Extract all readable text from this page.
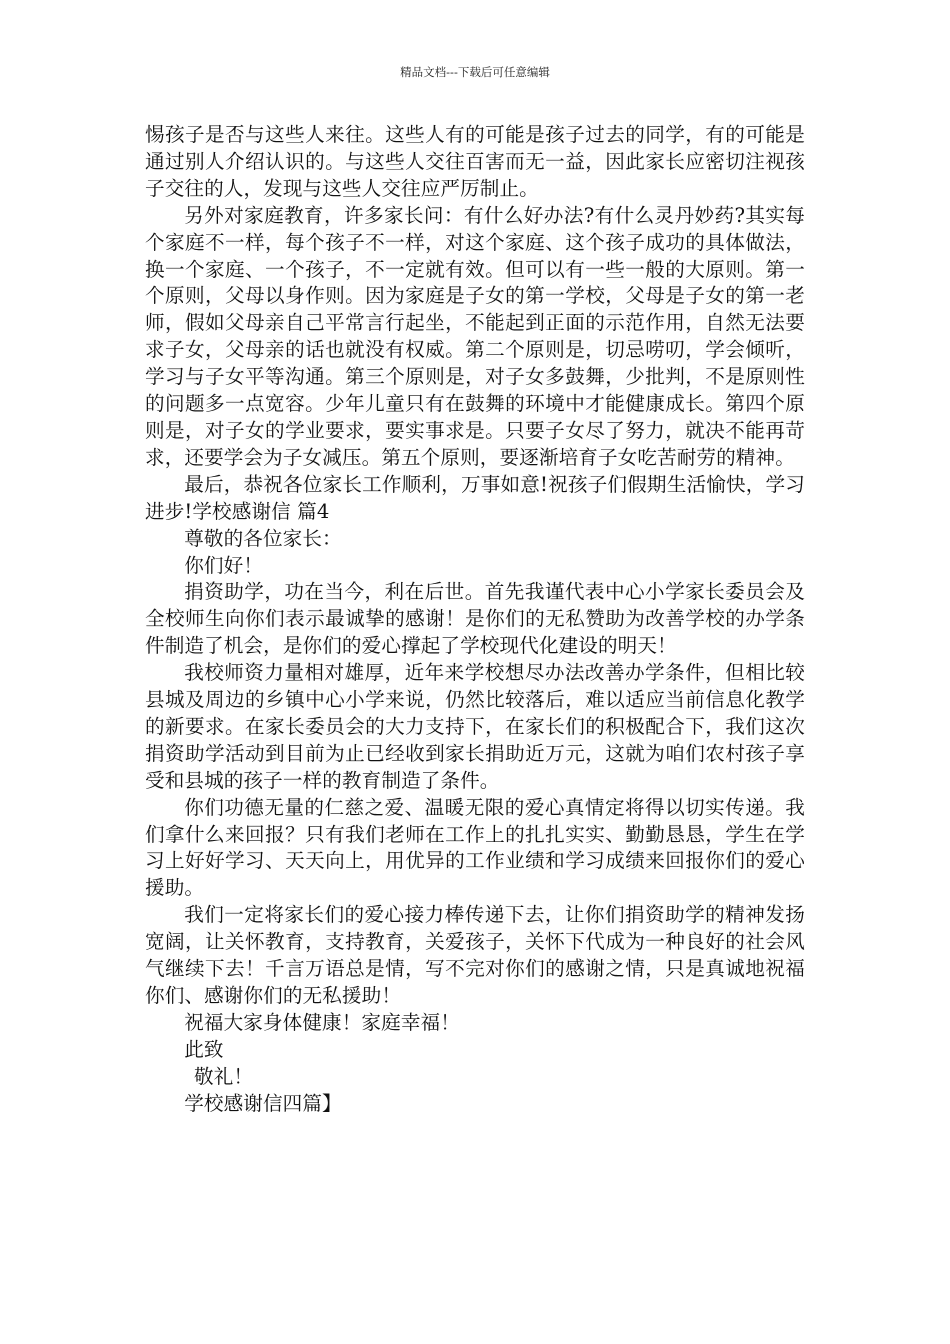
精品文档---下载后可任意编辑

惕孩子是否与这些人来往。这些人有的可能是孩子过去的同学，有的可能是通过别人介绍认识的。与这些人交往百害而无一益，因此家长应密切注视孩子交往的人，发现与这些人交往应严厉制止。

另外对家庭教育，许多家长问：有什么好办法?有什么灵丹妙药?其实每个家庭不一样，每个孩子不一样，对这个家庭、这个孩子成功的具体做法，换一个家庭、一个孩子，不一定就有效。但可以有一些一般的大原则。第一个原则，父母以身作则。因为家庭是子女的第一学校，父母是子女的第一老师，假如父母亲自己平常言行起坐，不能起到正面的示范作用，自然无法要求子女，父母亲的话也就没有权威。第二个原则是，切忌唠叨，学会倾听，学习与子女平等沟通。第三个原则是，对子女多鼓舞，少批判，不是原则性的问题多一点宽容。少年儿童只有在鼓舞的环境中才能健康成长。第四个原则是，对子女的学业要求，要实事求是。只要子女尽了努力，就决不能再苛求，还要学会为子女减压。第五个原则，要逐渐培育子女吃苦耐劳的精神。

最后，恭祝各位家长工作顺利，万事如意!祝孩子们假期生活愉快，学习进步!学校感谢信 篇4

尊敬的各位家长：

你们好！

捐资助学，功在当今，利在后世。首先我谨代表中心小学家长委员会及全校师生向你们表示最诚挚的感谢！是你们的无私赞助为改善学校的办学条件制造了机会，是你们的爱心撑起了学校现代化建设的明天！

我校师资力量相对雄厚，近年来学校想尽办法改善办学条件，但相比较县城及周边的乡镇中心小学来说，仍然比较落后，难以适应当前信息化教学的新要求。在家长委员会的大力支持下，在家长们的积极配合下，我们这次捐资助学活动到目前为止已经收到家长捐助近万元，这就为咱们农村孩子享受和县城的孩子一样的教育制造了条件。

你们功德无量的仁慈之爱、温暖无限的爱心真情定将得以切实传递。我们拿什么来回报？只有我们老师在工作上的扎扎实实、勤勤恳恳，学生在学习上好好学习、天天向上，用优异的工作业绩和学习成绩来回报你们的爱心援助。

我们一定将家长们的爱心接力棒传递下去，让你们捐资助学的精神发扬宽阔，让关怀教育，支持教育，关爱孩子，关怀下代成为一种良好的社会风气继续下去！千言万语总是情，写不完对你们的感谢之情，只是真诚地祝福你们、感谢你们的无私援助！

祝福大家身体健康！家庭幸福！

此致

敬礼！

学校感谢信四篇】
